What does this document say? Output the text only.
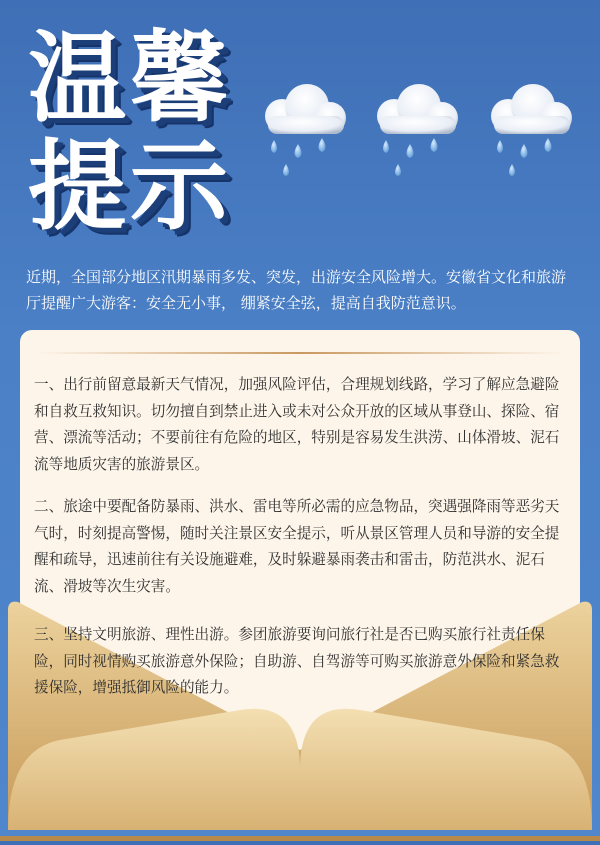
温馨
提示

近期，全国部分地区汛期暴雨多发、突发，出游安全风险增大。安徽省文化和旅游厅提醒广大游客：安全无小事， 绷紧安全弦，提高自我防范意识。

一、出行前留意最新天气情况，加强风险评估，合理规划线路，学习了解应急避险和自救互救知识。切勿擅自到禁止进入或未对公众开放的区域从事登山、探险、宿营、漂流等活动；不要前往有危险的地区，特别是容易发生洪涝、山体滑坡、泥石流等地质灾害的旅游景区。

二、旅途中要配备防暴雨、洪水、雷电等所必需的应急物品，突遇强降雨等恶劣天气时，时刻提高警惕，随时关注景区安全提示，听从景区管理人员和导游的安全提醒和疏导，迅速前往有关设施避难，及时躲避暴雨袭击和雷击，防范洪水、泥石流、滑坡等次生灾害。

三、坚持文明旅游、理性出游。参团旅游要询问旅行社是否已购买旅行社责任保险，同时视情购买旅游意外保险；自助游、自驾游等可购买旅游意外保险和紧急救援保险，增强抵御风险的能力。
